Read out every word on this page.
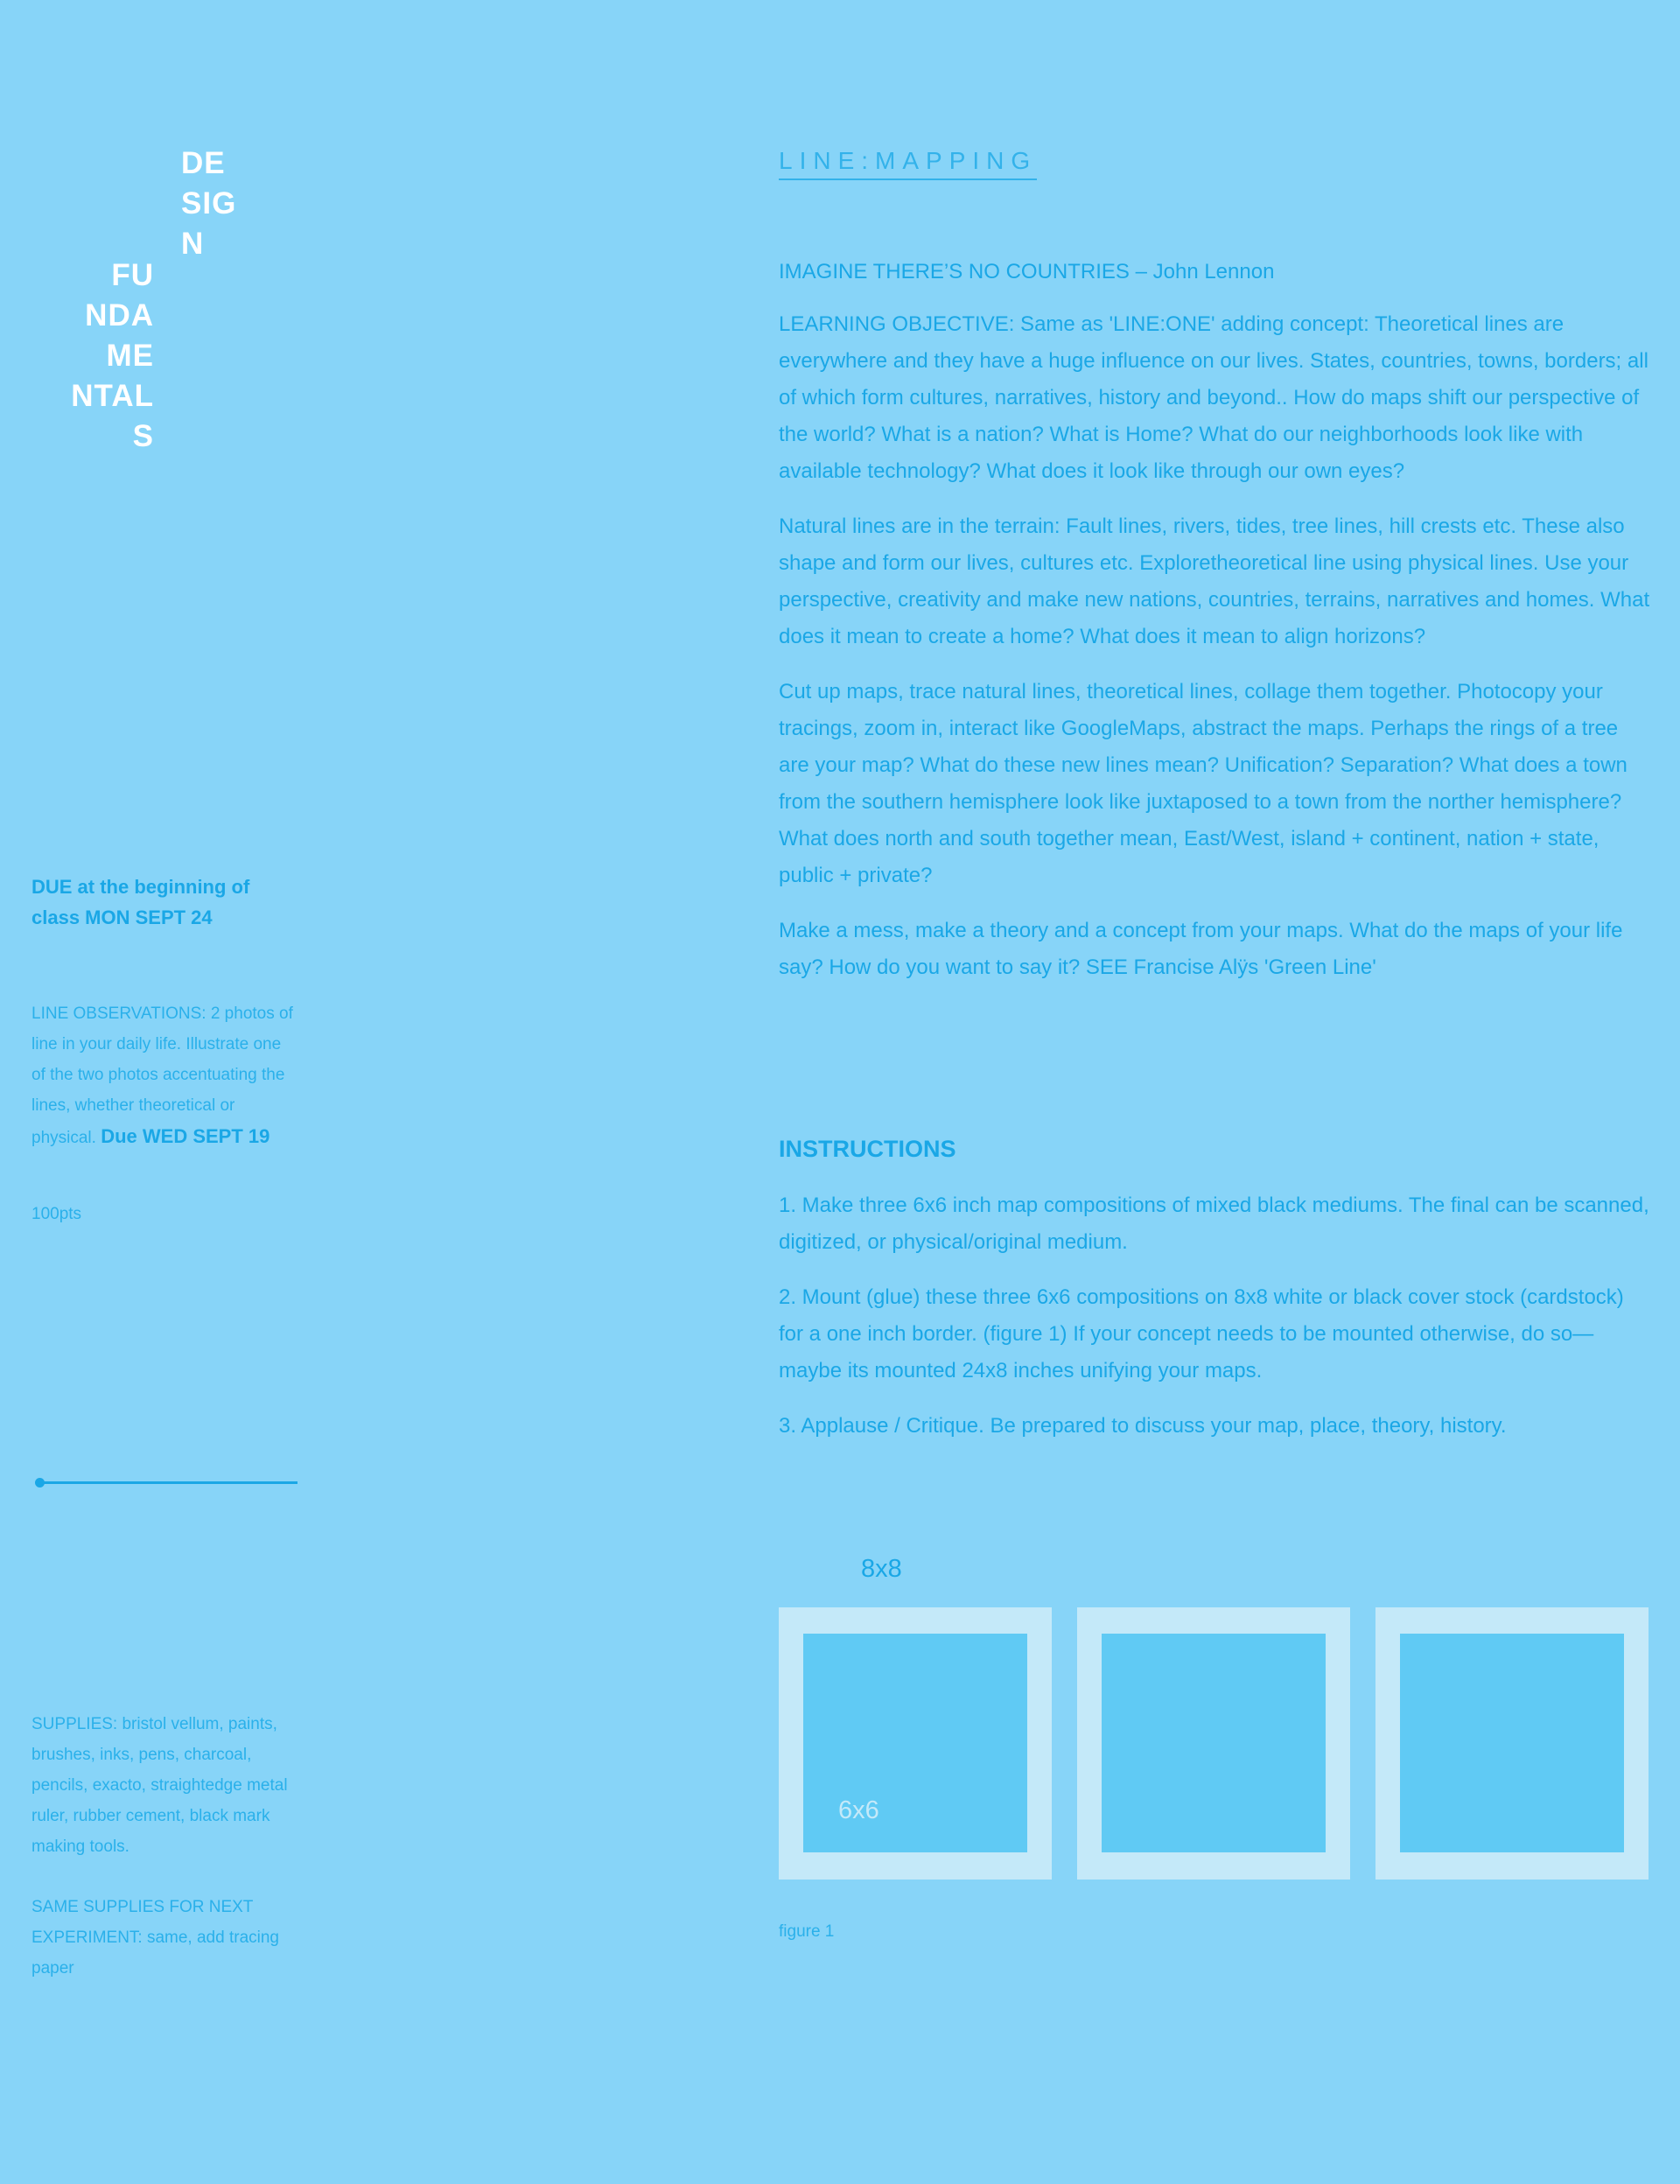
DE
SIG
N
FU
NDA
ME
NTAL
S
DUE at the beginning of class MON SEPT 24
LINE OBSERVATIONS: 2 photos of line in your daily life. Illustrate one of the two photos accentuating the lines, whether theoretical or physical. Due WED SEPT 19
100pts
SUPPLIES: bristol vellum, paints, brushes, inks, pens, charcoal, pencils, exacto, straightedge metal ruler, rubber cement, black mark making tools.
SAME SUPPLIES FOR NEXT EXPERIMENT: same, add tracing paper
LINE:MAPPING

IMAGINE THERE’S NO COUNTRIES – John Lennon

LEARNING OBJECTIVE: Same as 'LINE:ONE' adding concept: Theoretical lines are everywhere and they have a huge influence on our lives. States, countries, towns, borders; all of which form cultures, narratives, history and beyond.. How do maps shift our perspective of the world? What is a nation? What is Home? What do our neighborhoods look like with available technology? What does it look like through our own eyes?

Natural lines are in the terrain: Fault lines, rivers, tides, tree lines, hill crests etc. These also shape and form our lives, cultures etc. Exploretheoretical line using physical lines. Use your perspective, creativity and make new nations, countries, terrains, narratives and homes. What does it mean to create a home? What does it mean to align horizons?

Cut up maps, trace natural lines, theoretical lines, collage them together. Photocopy your tracings, zoom in, interact like GoogleMaps, abstract the maps. Perhaps the rings of a tree are your map? What do these new lines mean? Unification? Separation? What does a town from the southern hemisphere look like juxtaposed to a town from the norther hemisphere? What does north and south together mean, East/West, island + continent, nation + state, public + private?

Make a mess, make a theory and a concept from your maps. What do the maps of your life say? How do you want to say it? SEE Francise Alÿs 'Green Line'

INSTRUCTIONS

1. Make three 6x6 inch map compositions of mixed black mediums. The final can be scanned, digitized, or physical/original medium.

2. Mount (glue) these three 6x6 compositions on 8x8 white or black cover stock (cardstock) for a one inch border. (figure 1) If your concept needs to be mounted otherwise, do so—maybe its mounted 24x8 inches unifying your maps.

3. Applause / Critique. Be prepared to discuss your map, place, theory, history.

8x8
6x6
figure 1
